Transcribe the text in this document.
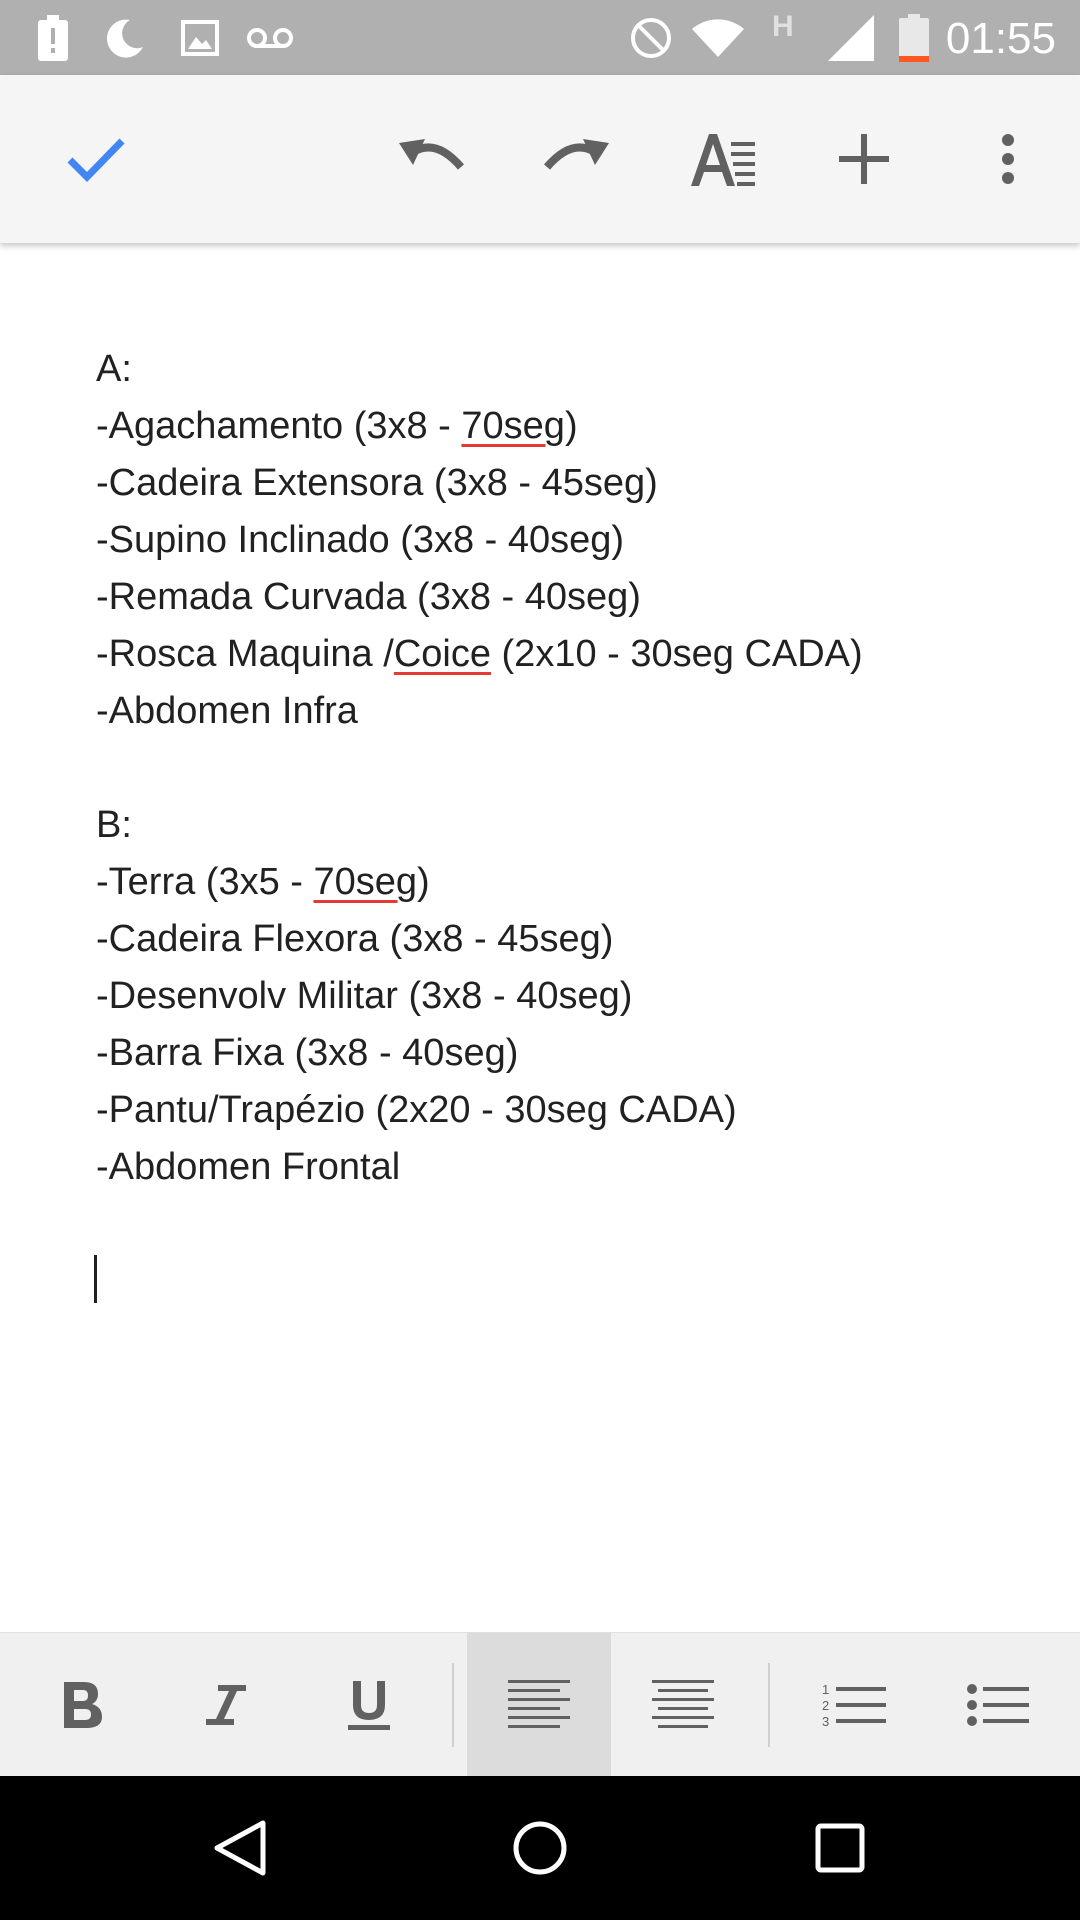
H	01:55
A:
-Agachamento (3x8 - 70seg)
-Cadeira Extensora (3x8 - 45seg)
-Supino Inclinado (3x8 - 40seg)
-Remada Curvada (3x8 - 40seg)
-Rosca Maquina /Coice (2x10 - 30seg CADA)
-Abdomen Infra
B:
-Terra (3x5 - 70seg)
-Cadeira Flexora (3x8 - 45seg)
-Desenvolv Militar (3x8 - 40seg)
-Barra Fixa (3x8 - 40seg)
-Pantu/Trapézio (2x20 - 30seg CADA)
-Abdomen Frontal
1
2
3
